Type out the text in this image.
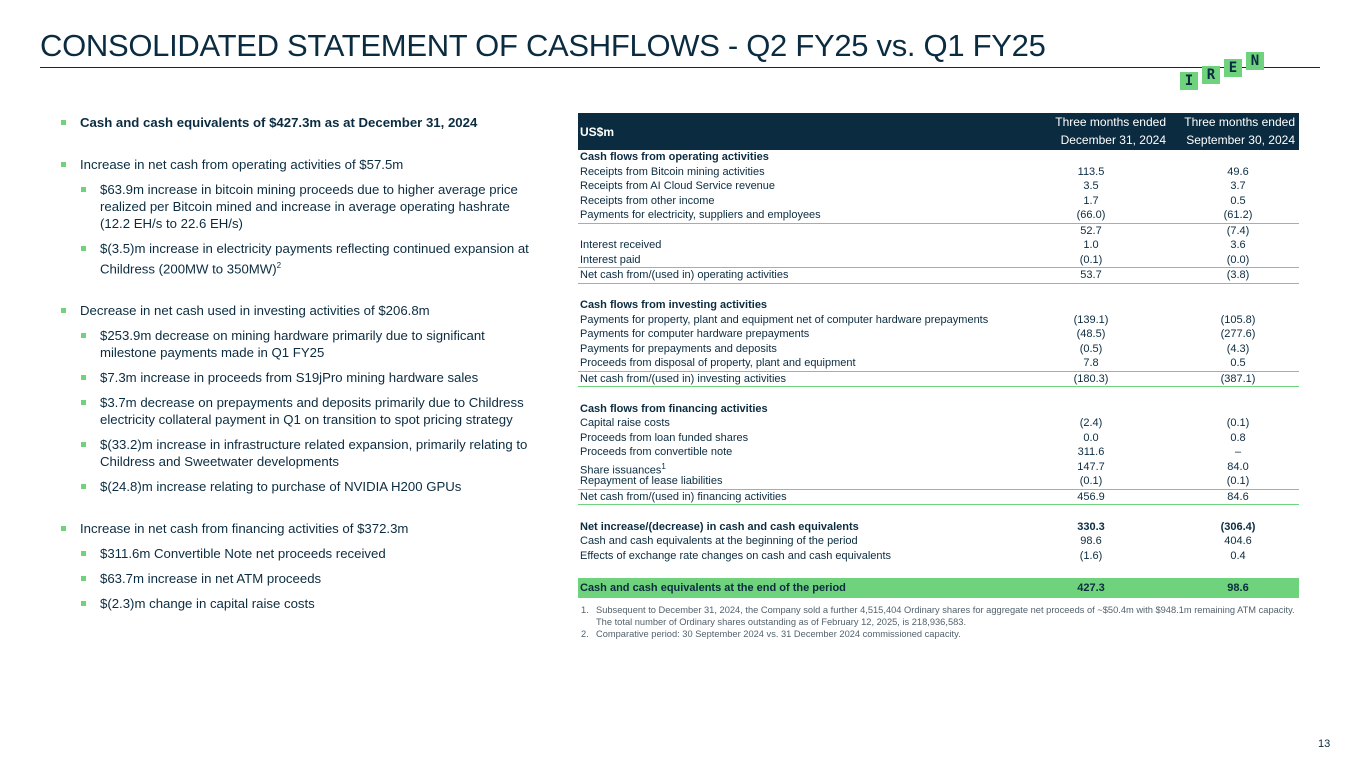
CONSOLIDATED STATEMENT OF CASHFLOWS - Q2 FY25 vs. Q1 FY25
I R E N
Cash and cash equivalents of $427.3m as at December 31, 2024
Increase in net cash from operating activities of $57.5m
$63.9m increase in bitcoin mining proceeds due to higher average price realized per Bitcoin mined and increase in average operating hashrate (12.2 EH/s to 22.6 EH/s)
$(3.5)m increase in electricity payments reflecting continued expansion at Childress (200MW to 350MW)$^2$
Decrease in net cash used in investing activities of $206.8m
$253.9m decrease on mining hardware primarily due to significant milestone payments made in Q1 FY25
$7.3m increase in proceeds from S19jPro mining hardware sales
$3.7m decrease on prepayments and deposits primarily due to Childress electricity collateral payment in Q1 on transition to spot pricing strategy
$(33.2)m increase in infrastructure related expansion, primarily relating to Childress and Sweetwater developments
$(24.8)m increase relating to purchase of NVIDIA H200 GPUs
Increase in net cash from financing activities of $372.3m
$311.6m Convertible Note net proceeds received
$63.7m increase in net ATM proceeds
$(2.3)m change in capital raise costs
US$m
Three months ended
December 31, 2024
Three months ended
September 30, 2024
Cash flows from operating activities
Receipts from Bitcoin mining activities	113.5	49.6
Receipts from AI Cloud Service revenue	3.5	3.7
Receipts from other income	1.7	0.5
Payments for electricity, suppliers and employees	(66.0)	(61.2)
52.7	(7.4)
Interest received	1.0	3.6
Interest paid	(0.1)	(0.0)
Net cash from/(used in) operating activities	53.7	(3.8)
Cash flows from investing activities
Payments for property, plant and equipment net of computer hardware prepayments	(139.1)	(105.8)
Payments for computer hardware prepayments	(48.5)	(277.6)
Payments for prepayments and deposits	(0.5)	(4.3)
Proceeds from disposal of property, plant and equipment	7.8	0.5
Net cash from/(used in) investing activities	(180.3)	(387.1)
Cash flows from financing activities
Capital raise costs	(2.4)	(0.1)
Proceeds from loan funded shares	0.0	0.8
Proceeds from convertible note	311.6	–
Share issuances$^1$	147.7	84.0
Repayment of lease liabilities	(0.1)	(0.1)
Net cash from/(used in) financing activities	456.9	84.6
Net increase/(decrease) in cash and cash equivalents	330.3	(306.4)
Cash and cash equivalents at the beginning of the period	98.6	404.6
Effects of exchange rate changes on cash and cash equivalents	(1.6)	0.4
Cash and cash equivalents at the end of the period	427.3	98.6
1. Subsequent to December 31, 2024, the Company sold a further 4,515,404 Ordinary shares for aggregate net proceeds of ~$50.4m with $948.1m remaining ATM capacity. The total number of Ordinary shares outstanding as of February 12, 2025, is 218,936,583.
2. Comparative period: 30 September 2024 vs. 31 December 2024 commissioned capacity.
13
